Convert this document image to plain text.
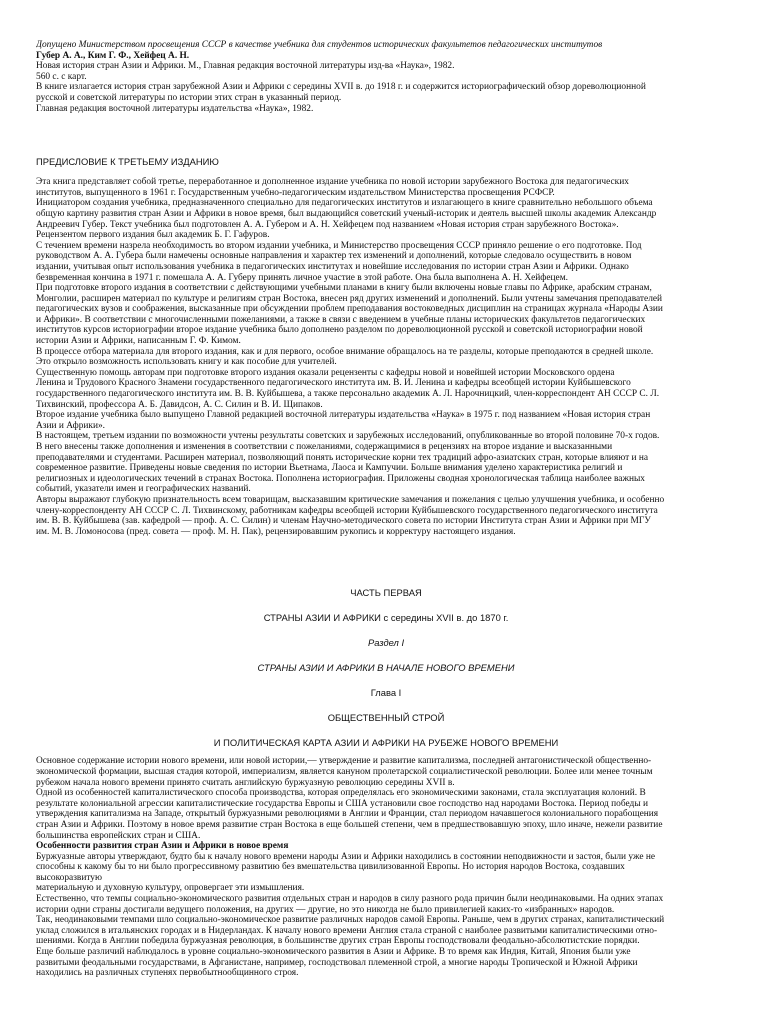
Допущено Министерством просвещения СССР в качестве учебника для студентов исторических факультетов педагогических институтов
Губер А. А., Ким Г. Ф., Хейфец А. Н.
Новая история стран Азии и Африки. М., Главная редакция восточной литературы изд-ва «Наука», 1982.
560 с. с карт.
В книге излагается история стран зарубежной Азии и Африки с середины XVII в. до 1918 г. и содержится историографический обзор дореволюционной
русской и советской литературы по истории этих стран в указанный период.
Главная редакция восточной литературы издательства «Наука», 1982.
ПРЕДИСЛОВИЕ К ТРЕТЬЕМУ ИЗДАНИЮ
Эта книга представляет собой третье, переработанное и дополненное издание учебника по новой истории зарубежного Востока для педагогических
институтов, выпущенного в 1961 г. Государственным учебно-педагогическим издательством Министерства просвещения РСФСР.
Инициатором создания учебника, предназначенного специально для педагогических институтов и излагающего в книге сравнительно небольшого объема
общую картину развития стран Азии и Африки в новое время, был выдающийся советский ученый-историк и деятель высшей школы академик Александр
Андреевич Губер. Текст учебника был подготовлен А. А. Губером и А. Н. Хейфецем под названием «Новая история стран зарубежного Востока».
Рецензентом первого издания был академик Б. Г. Гафуров.
С течением времени назрела необходимость во втором издании учебника, и Министерство просвещения СССР приняло решение о его подготовке. Под
руководством А. А. Губера были намечены основные направления и характер тех изменений и дополнений, которые следовало осуществить в новом
издании, учитывая опыт использования учебника в педагогических институтах и новейшие исследования по истории стран Азии и Африки. Однако
безвременная кончина в 1971 г. помешала А. А. Губеру принять личное участие в этой работе. Она была выполнена А. Н. Хейфецем.
При подготовке второго издания в соответствии с действующими учебными планами в книгу были включены новые главы по Африке, арабским странам,
Монголии, расширен материал по культуре и религиям стран Востока, внесен ряд других изменений и дополнений. Были учтены замечания преподавателей
педагогических вузов и соображения, высказанные при обсуждении проблем преподавания востоковедных дисциплин на страницах журнала «Народы Азии
и Африки». В соответствии с многочисленными пожеланиями, а также в связи с введением в учебные планы исторических факультетов педагогических
институтов курсов историографии второе издание учебника было дополнено разделом по дореволюционной русской и советской историографии новой
истории Азии и Африки, написанным Г. Ф. Кимом.
В процессе отбора материала для второго издания, как и для первого, особое внимание обращалось на те разделы, которые преподаются в средней школе.
Это открыло возможность использовать книгу и как пособие для учителей.
Существенную помощь авторам при подготовке второго издания оказали рецензенты с кафедры новой и новейшей истории Московского ордена
Ленина и Трудового Красного Знамени государственного педагогического института им. В. И. Ленина и кафедры всеобщей истории Куйбышевского
государственного педагогического института им. В. В. Куйбышева, а также персонально академик А. Л. Нарочницкий, член-корреспондент АН СССР С. Л.
Тихвинский, профессора А. Б. Давидсон, А. С. Силин и В. И. Щипаков.
Второе издание учебника было выпущено Главной редакцией восточной литературы издательства «Наука» в 1975 г. под названием «Новая история стран
Азии и Африки».
В настоящем, третьем издании по возможности учтены результаты советских и зарубежных исследований, опубликованные во второй половине 70-х годов.
В него внесены также дополнения и изменения в соответствии с пожеланиями, содержащимися в рецензиях на второе издание и высказанными
преподавателями и студентами. Расширен материал, позволяющий понять исторические корни тех традиций афро-азиатских стран, которые влияют и на
современное развитие. Приведены новые сведения по истории Вьетнама, Лаоса и Кампучии. Больше внимания уделено характеристика религий и
религиозных и идеологических течений в странах Востока. Пополнена историография. Приложены сводная хронологическая таблица наиболее важных
событий, указатели имен и географических названий.
Авторы выражают глубокую признательность всем товарищам, высказавшим критические замечания и пожелания с целью улучшения учебника, и особенно
члену-корреспонденту АН СССР С. Л. Тихвинскому, работникам кафедры всеобщей истории Куйбышевского государственного педагогического института
им. В. В. Куйбышева (зав. кафедрой — проф. А. С. Силин) и членам Научно-методического совета по истории Института стран Азии и Африки при МГУ
им. М. В. Ломоносова (пред. совета — проф. М. Н. Пак), рецензировавшим рукопись и корректуру настоящего издания.
ЧАСТЬ ПЕРВАЯ
СТРАНЫ АЗИИ И АФРИКИ с середины XVII в. до 1870 г.
Раздел I
СТРАНЫ АЗИИ И АФРИКИ В НАЧАЛЕ НОВОГО ВРЕМЕНИ
Глава I
ОБЩЕСТВЕННЫЙ СТРОЙ
И ПОЛИТИЧЕСКАЯ КАРТА АЗИИ И АФРИКИ НА РУБЕЖЕ НОВОГО ВРЕМЕНИ
Основное содержание истории нового времени, или новой истории,— утверждение и развитие капитализма, последней антагонистической общественно-
экономической формации, высшая стадия которой, империализм, является кануном пролетарской социалистической революции. Более или менее точным
рубежом начала нового времени принято считать английскую буржуазную революцию середины XVII в.
Одной из особенностей капиталистического способа производства, которая определялась его экономическими законами, стала эксплуатация колоний. В
результате колониальной агрессии капиталистические государства Европы и США установили свое господство над народами Востока. Период победы и
утверждения капитализма на Западе, открытый буржуазными революциями в Англии и Франции, стал периодом начавшегося колониального порабощения
стран Азии и Африки. Поэтому в новое время развитие стран Востока в еще большей степени, чем в предшествовавшую эпоху, шло иначе, нежели развитие
большинства европейских стран и США.
Особенности развития стран Азии и Африки в новое время
Буржуазные авторы утверждают, будто бы к началу нового времени народы Азии и Африки находились в состоянии неподвижности и застоя, были уже не
способны к какому бы то ни было прогрессивному развитию без вмешательства цивилизованной Европы. Но история народов Востока, создавших
высокоразвитую
материальную и духовную культуру, опровергает эти измышления.
Естественно, что темпы социально-экономического развития отдельных стран и народов в силу разного рода причин были неодинаковыми. На одних этапах
истории одни страны достигали ведущего положения, на других — другие, но это никогда не было привилегией каких-то «избранных» народов.
Так, неодинаковыми темпами шло социально-экономическое развитие различных народов самой Европы. Раньше, чем в других странах, капиталистический
уклад сложился в итальянских городах и в Нидерландах. К началу нового времени Англия стала страной с наиболее развитыми капиталистическими отно-
шениями. Когда в Англии победила буржуазная революция, в большинстве других стран Европы господствовали феодально-абсолютистские порядки.
Еще больше различий наблюдалось в уровне социально-экономического развития в Азии и Африке. В то время как Индия, Китай, Япония были уже
развитыми феодальными государствами, в Афганистане, например, господствовал племенной строй, а многие народы Тропической и Южной Африки
находились на различных ступенях первобытнообщинного строя.
